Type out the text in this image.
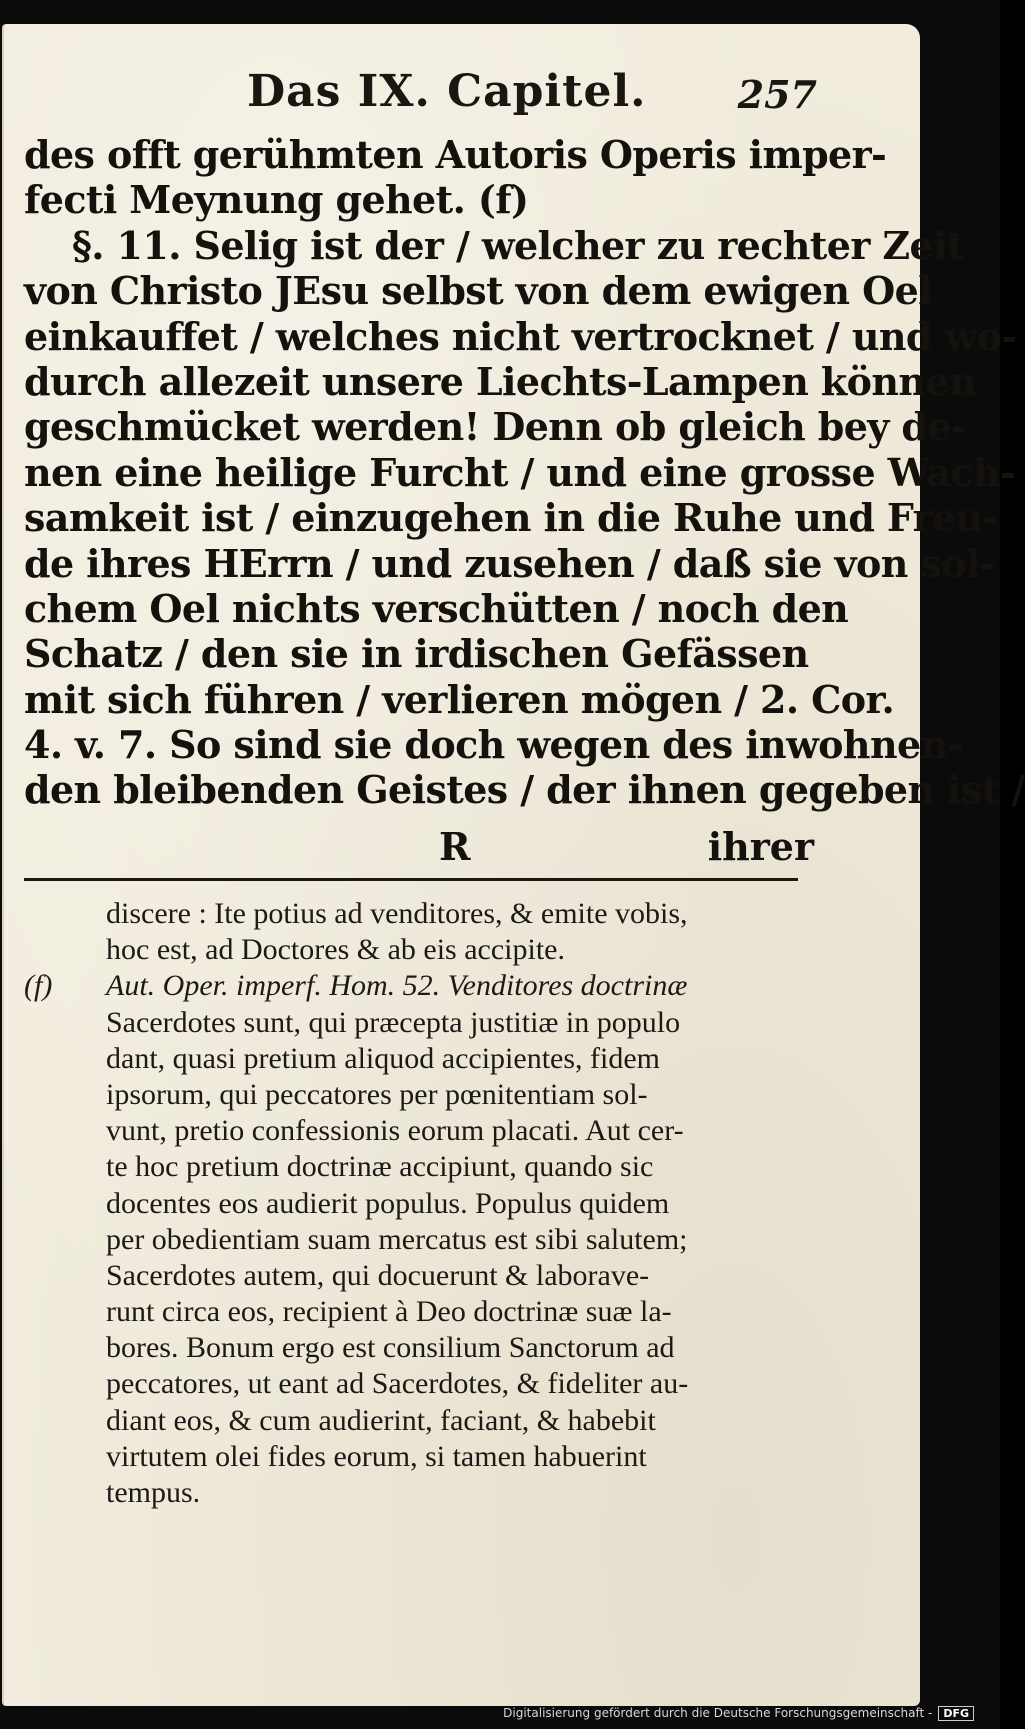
Das IX. Capitel. 257
des offt gerühmten Autoris Operis imper-
fecti Meynung gehet. (f)
§. 11. Selig ist der / welcher zu rechter Zeit
von Christo JEsu selbst von dem ewigen Oel
einkauffet / welches nicht vertrocknet / und wo-
durch allezeit unsere Liechts-Lampen können
geschmücket werden! Denn ob gleich bey de-
nen eine heilige Furcht / und eine grosse Wach-
samkeit ist / einzugehen in die Ruhe und Freu-
de ihres HErrn / und zusehen / daß sie von sol-
chem Oel nichts verschütten / noch den
Schatz / den sie in irdischen Gefässen
mit sich führen / verlieren mögen / 2. Cor.
4. v. 7. So sind sie doch wegen des inwohnen-
den bleibenden Geistes / der ihnen gegeben ist /
R	ihrer
discere : Ite potius ad venditores, & emite vobis,
hoc est, ad Doctores & ab eis accipite.
(f) Aut. Oper. imperf. Hom. 52. Venditores doctrinæ
Sacerdotes sunt, qui præcepta justitiæ in populo
dant, quasi pretium aliquod accipientes, fidem
ipsorum, qui peccatores per pœnitentiam sol-
vunt, pretio confessionis eorum placati. Aut cer-
te hoc pretium doctrinæ accipiunt, quando sic
docentes eos audierit populus. Populus quidem
per obedientiam suam mercatus est sibi salutem;
Sacerdotes autem, qui docuerunt & laborave-
runt circa eos, recipient à Deo doctrinæ suæ la-
bores. Bonum ergo est consilium Sanctorum ad
peccatores, ut eant ad Sacerdotes, & fideliter au-
diant eos, & cum audierint, faciant, & habebit
virtutem olei fides eorum, si tamen habuerint
tempus.
Digitalisierung gefördert durch die Deutsche Forschungsgemeinschaft - DFG
